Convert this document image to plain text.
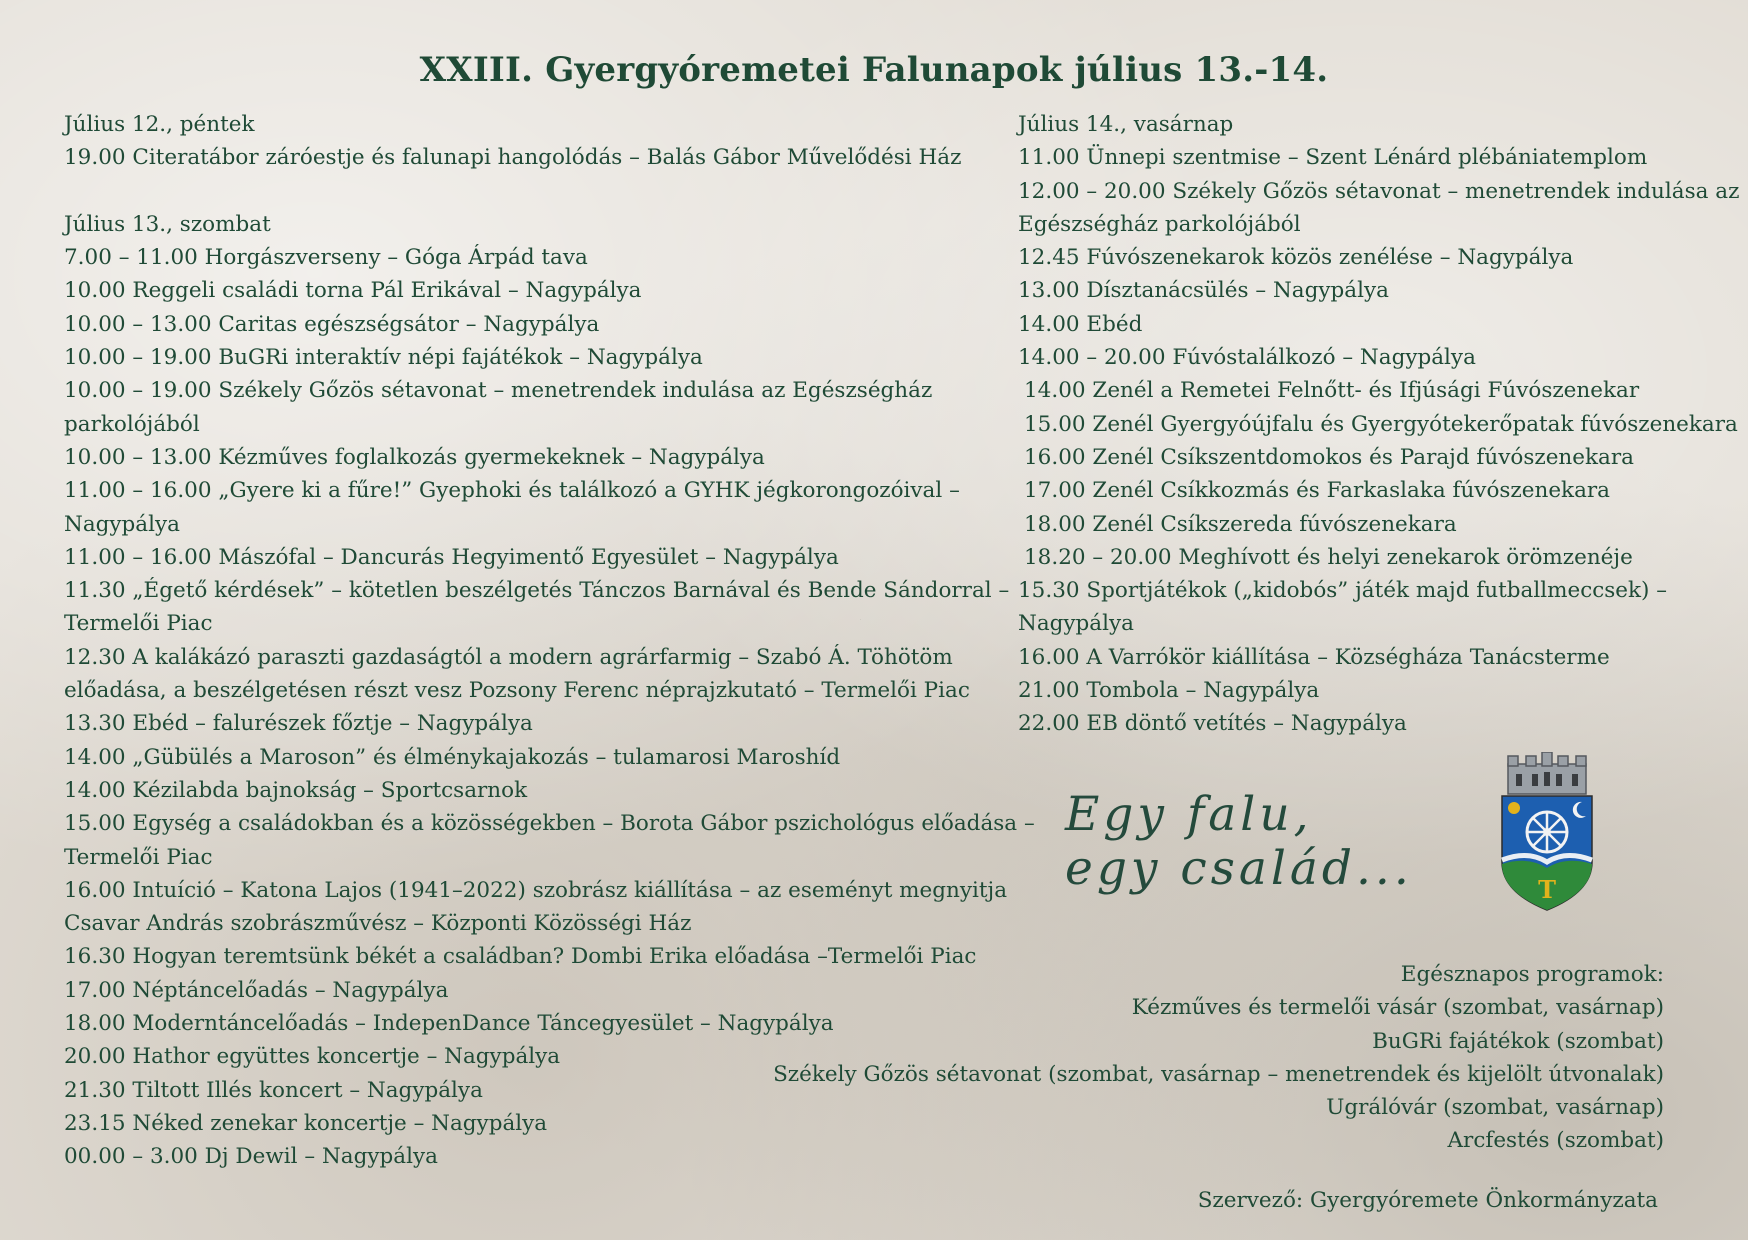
XXIII. Gyergyóremetei Falunapok július 13.-14.
Július 12., péntek
19.00 Citeratábor záróestje és falunapi hangolódás – Balás Gábor Művelődési Ház
Július 13., szombat
7.00 – 11.00 Horgászverseny – Góga Árpád tava
10.00 Reggeli családi torna Pál Erikával – Nagypálya
10.00 – 13.00 Caritas egészségsátor – Nagypálya
10.00 – 19.00 BuGRi interaktív népi fajátékok – Nagypálya
10.00 – 19.00 Székely Gőzös sétavonat – menetrendek indulása az Egészségház
parkolójából
10.00 – 13.00 Kézműves foglalkozás gyermekeknek – Nagypálya
11.00 – 16.00 „Gyere ki a fűre!” Gyephoki és találkozó a GYHK jégkorongozóival –
Nagypálya
11.00 – 16.00 Mászófal – Dancurás Hegyimentő Egyesület – Nagypálya
11.30 „Égető kérdések” – kötetlen beszélgetés Tánczos Barnával és Bende Sándorral –
Termelői Piac
12.30 A kalákázó paraszti gazdaságtól a modern agrárfarmig – Szabó Á. Töhötöm
előadása, a beszélgetésen részt vesz Pozsony Ferenc néprajzkutató – Termelői Piac
13.30 Ebéd – falurészek főztje – Nagypálya
14.00 „Gübülés a Maroson” és élménykajakozás – tulamarosi Maroshíd
14.00 Kézilabda bajnokság – Sportcsarnok
15.00 Egység a családokban és a közösségekben – Borota Gábor pszichológus előadása –
Termelői Piac
16.00 Intuíció – Katona Lajos (1941–2022) szobrász kiállítása – az eseményt megnyitja
Csavar András szobrászművész – Központi Közösségi Ház
16.30 Hogyan teremtsünk békét a családban? Dombi Erika előadása –Termelői Piac
17.00 Néptáncelőadás – Nagypálya
18.00 Moderntáncelőadás – IndepenDance Táncegyesület – Nagypálya
20.00 Hathor együttes koncertje – Nagypálya
21.30 Tiltott Illés koncert – Nagypálya
23.15 Néked zenekar koncertje – Nagypálya
00.00 – 3.00 Dj Dewil – Nagypálya
Július 14., vasárnap
11.00 Ünnepi szentmise – Szent Lénárd plébániatemplom
12.00 – 20.00 Székely Gőzös sétavonat – menetrendek indulása az
Egészségház parkolójából
12.45 Fúvószenekarok közös zenélése – Nagypálya
13.00 Dísztanácsülés – Nagypálya
14.00 Ebéd
14.00 – 20.00 Fúvóstalálkozó – Nagypálya
14.00 Zenél a Remetei Felnőtt- és Ifjúsági Fúvószenekar
15.00 Zenél Gyergyóújfalu és Gyergyótekerőpatak fúvószenekara
16.00 Zenél Csíkszentdomokos és Parajd fúvószenekara
17.00 Zenél Csíkkozmás és Farkaslaka fúvószenekara
18.00 Zenél Csíkszereda fúvószenekara
18.20 – 20.00 Meghívott és helyi zenekarok örömzenéje
15.30 Sportjátékok („kidobós” játék majd futballmeccsek) –
Nagypálya
16.00 A Varrókör kiállítása – Községháza Tanácsterme
21.00 Tombola – Nagypálya
22.00 EB döntő vetítés – Nagypálya
·
Egy falu,
egy család...	T
Egésznapos programok:
Kézműves és termelői vásár (szombat, vasárnap)
BuGRi fajátékok (szombat)
Székely Gőzös sétavonat (szombat, vasárnap – menetrendek és kijelölt útvonalak)
Ugrálóvár (szombat, vasárnap)
Arcfestés (szombat)
Szervező: Gyergyóremete Önkormányzata
